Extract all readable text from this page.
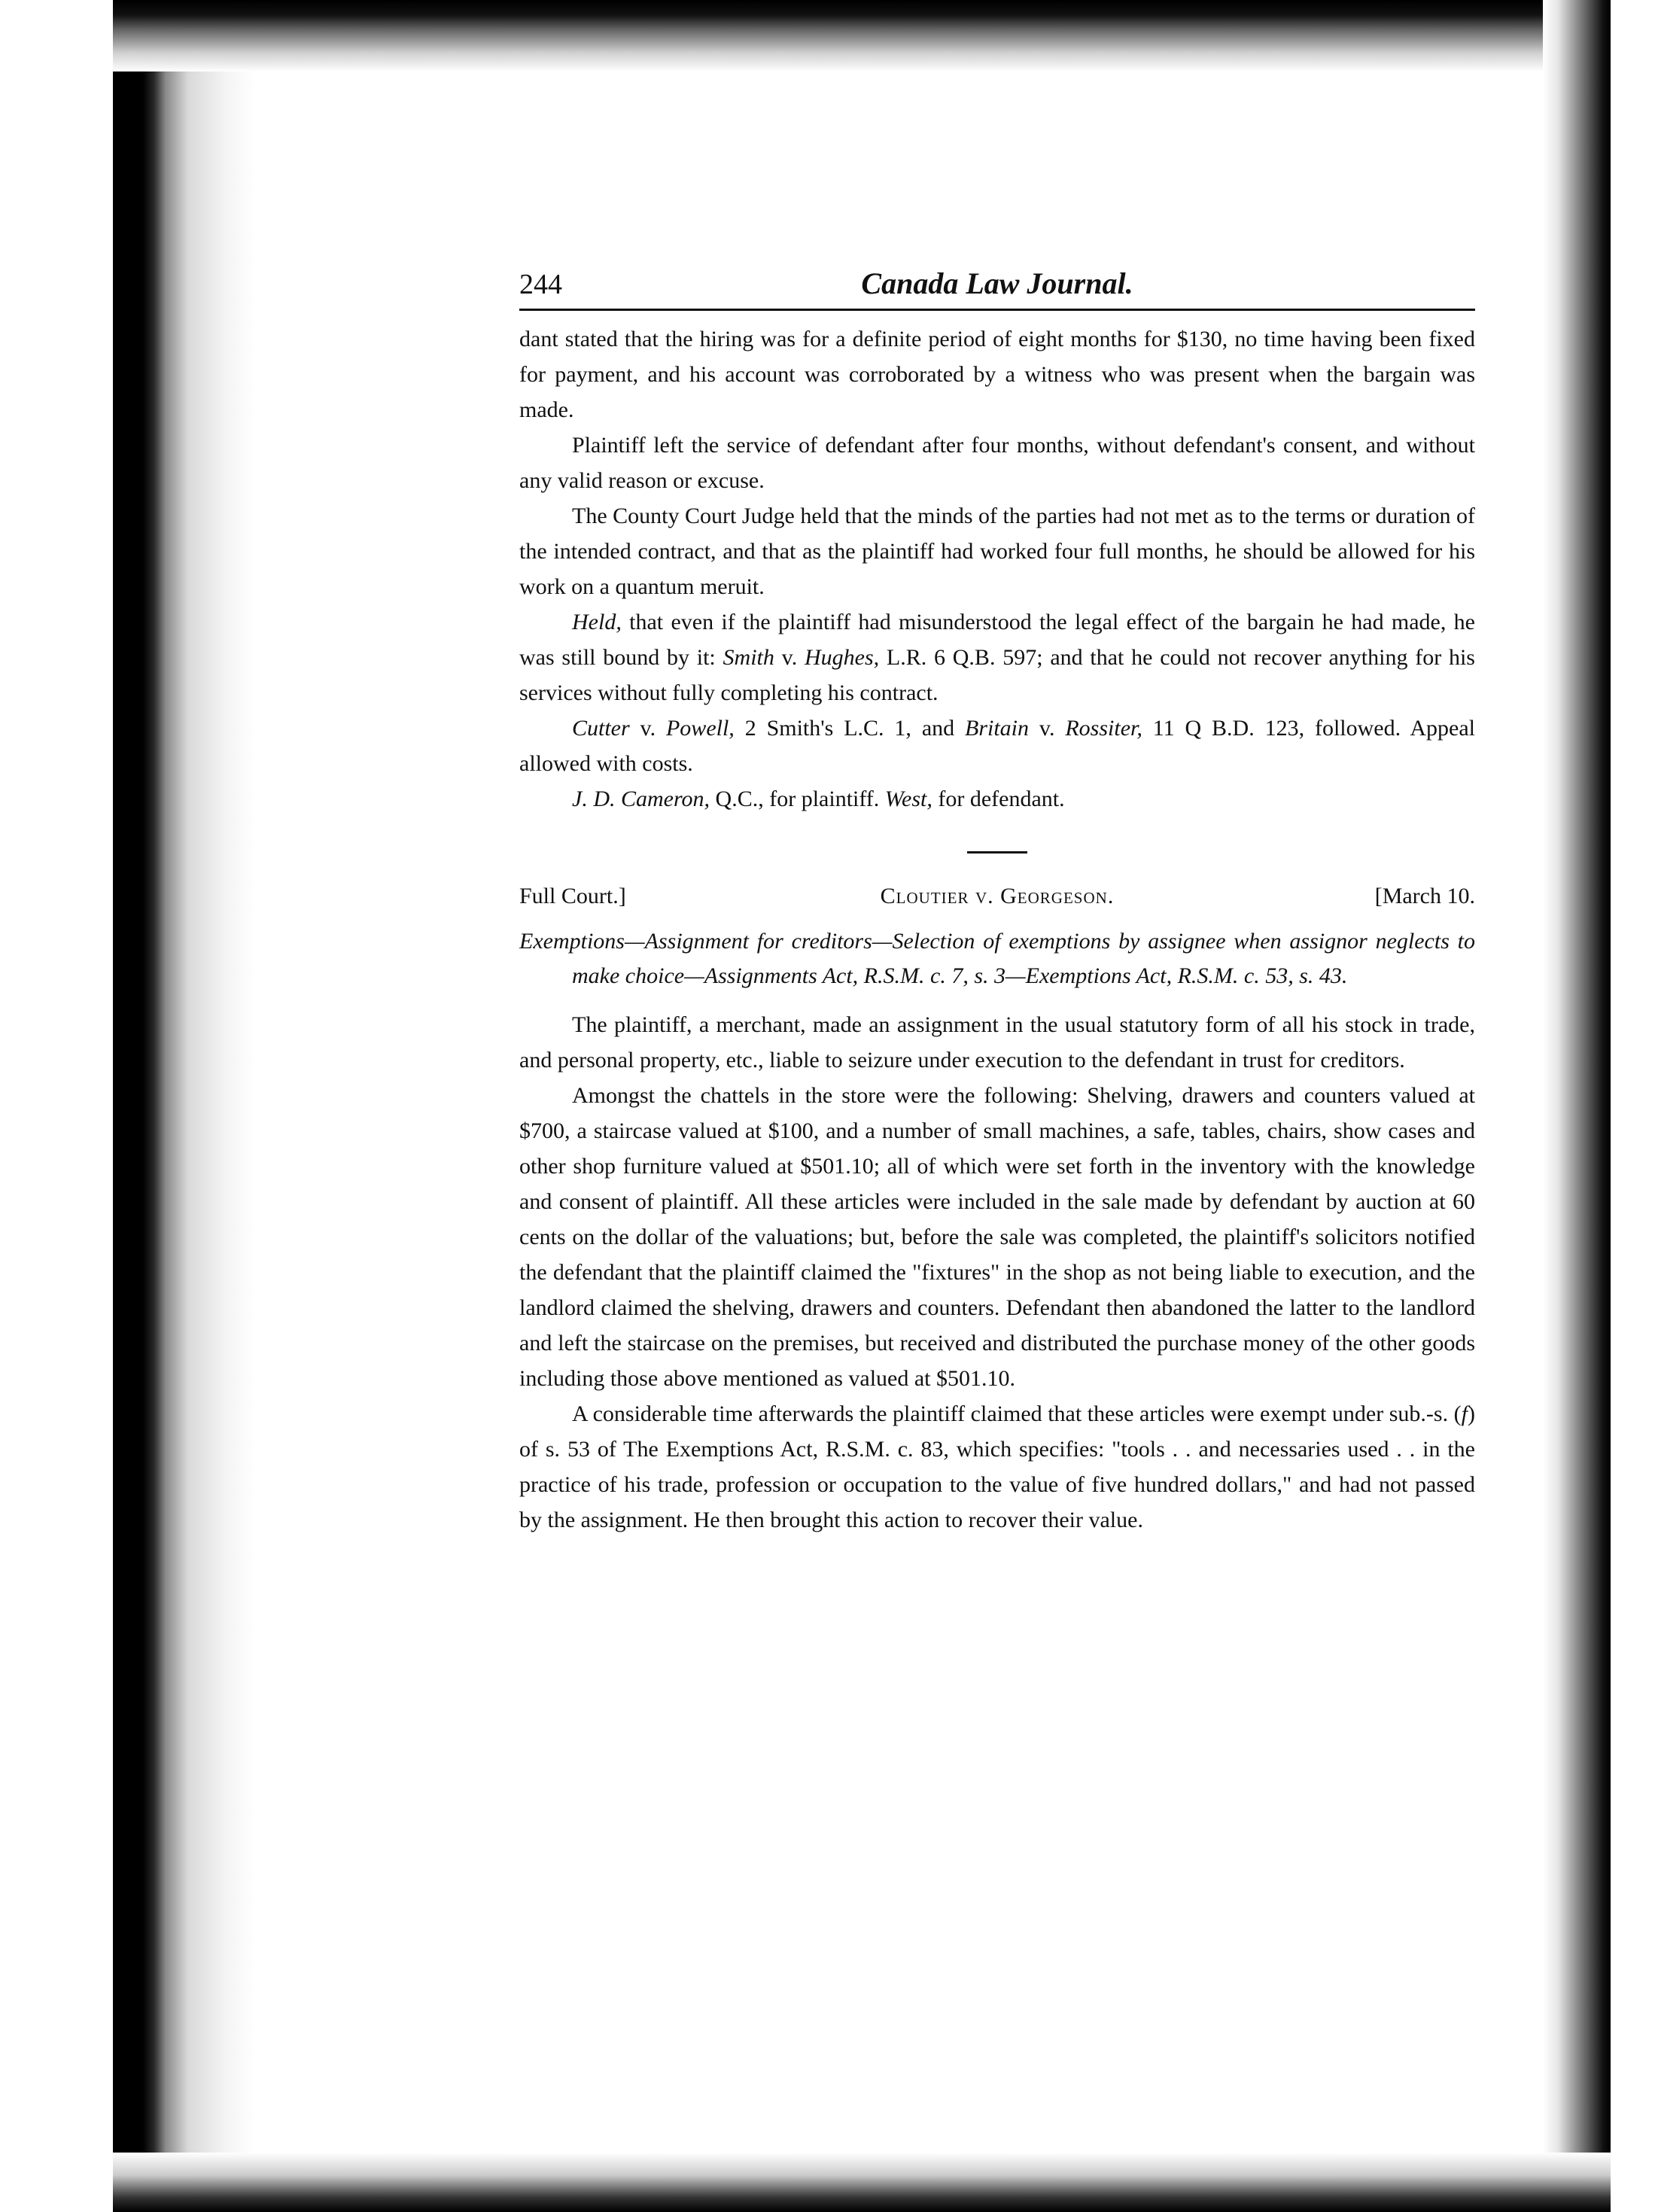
244	Canada Law Journal.

dant stated that the hiring was for a definite period of eight months for $130, no time having been fixed for payment, and his account was corroborated by a witness who was present when the bargain was made.

Plaintiff left the service of defendant after four months, without defendant's consent, and without any valid reason or excuse.

The County Court Judge held that the minds of the parties had not met as to the terms or duration of the intended contract, and that as the plaintiff had worked four full months, he should be allowed for his work on a quantum meruit.

Held, that even if the plaintiff had misunderstood the legal effect of the bargain he had made, he was still bound by it: Smith v. Hughes, L.R. 6 Q.B. 597; and that he could not recover anything for his services without fully completing his contract.

Cutter v. Powell, 2 Smith's L.C. 1, and Britain v. Rossiter, 11 Q B.D. 123, followed. Appeal allowed with costs.

J. D. Cameron, Q.C., for plaintiff. West, for defendant.

Full Court.]	Cloutier v. Georgeson.	[March 10.

Exemptions—Assignment for creditors—Selection of exemptions by assignee when assignor neglects to make choice—Assignments Act, R.S.M. c. 7, s. 3—Exemptions Act, R.S.M. c. 53, s. 43.

The plaintiff, a merchant, made an assignment in the usual statutory form of all his stock in trade, and personal property, etc., liable to seizure under execution to the defendant in trust for creditors.

Amongst the chattels in the store were the following: Shelving, drawers and counters valued at $700, a staircase valued at $100, and a number of small machines, a safe, tables, chairs, show cases and other shop furniture valued at $501.10; all of which were set forth in the inventory with the knowledge and consent of plaintiff. All these articles were included in the sale made by defendant by auction at 60 cents on the dollar of the valuations; but, before the sale was completed, the plaintiff's solicitors notified the defendant that the plaintiff claimed the "fixtures" in the shop as not being liable to execution, and the landlord claimed the shelving, drawers and counters. Defendant then abandoned the latter to the landlord and left the staircase on the premises, but received and distributed the purchase money of the other goods including those above mentioned as valued at $501.10.

A considerable time afterwards the plaintiff claimed that these articles were exempt under sub.-s. (f) of s. 53 of The Exemptions Act, R.S.M. c. 83, which specifies: "tools . . and necessaries used . . in the practice of his trade, profession or occupation to the value of five hundred dollars," and had not passed by the assignment. He then brought this action to recover their value.
